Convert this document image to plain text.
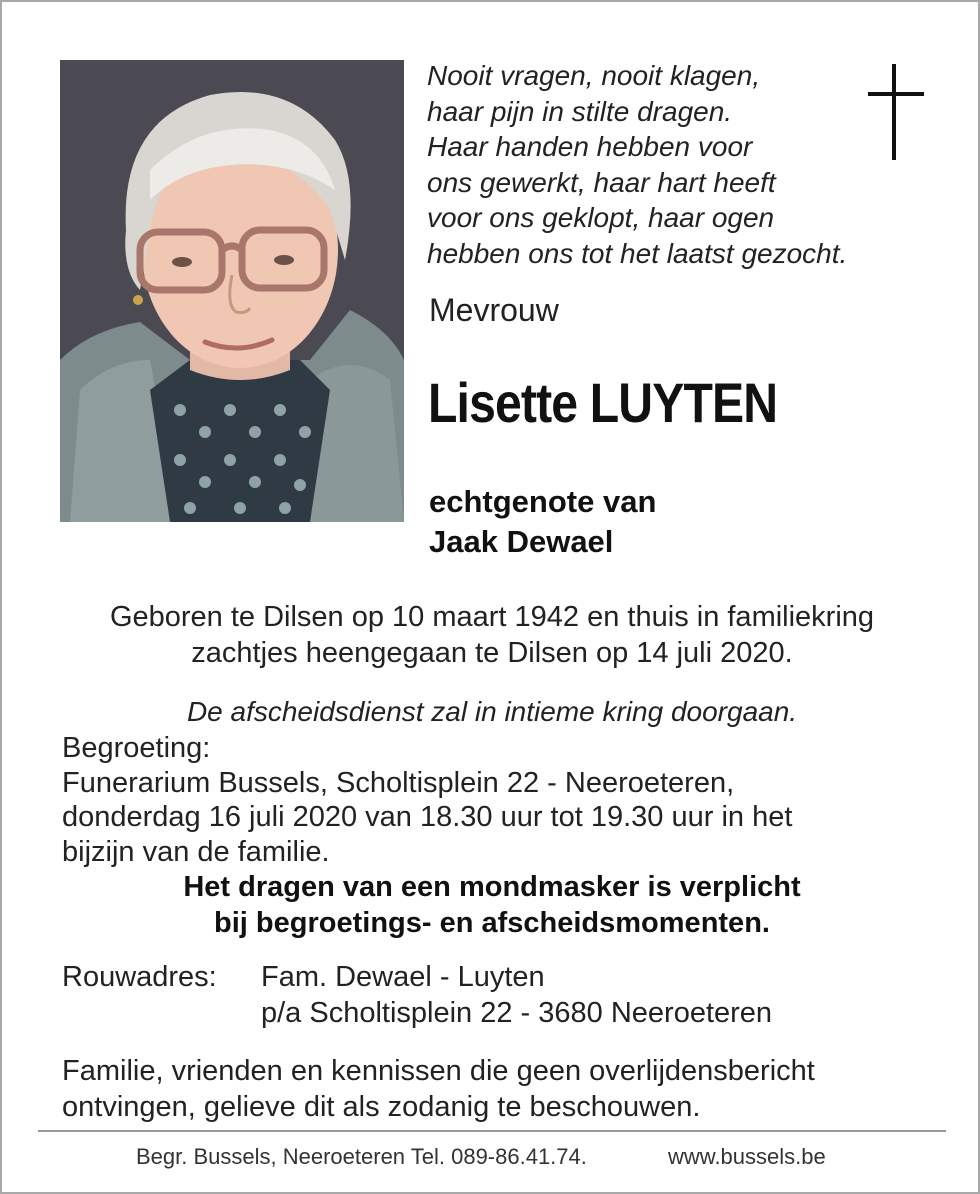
Nooit vragen, nooit klagen,
haar pijn in stilte dragen.
Haar handen hebben voor
ons gewerkt, haar hart heeft
voor ons geklopt, haar ogen
hebben ons tot het laatst gezocht.
Mevrouw
Lisette LUYTEN
echtgenote van
Jaak Dewael
Geboren te Dilsen op 10 maart 1942 en thuis in familiekring
zachtjes heengegaan te Dilsen op 14 juli 2020.
De afscheidsdienst zal in intieme kring doorgaan.
Begroeting:
Funerarium Bussels, Scholtisplein 22 - Neeroeteren,
donderdag 16 juli 2020 van 18.30 uur tot 19.30 uur in het
bijzijn van de familie.
Het dragen van een mondmasker is verplicht
bij begroetings- en afscheidsmomenten.
Rouwadres: Fam. Dewael - Luyten
p/a Scholtisplein 22 - 3680 Neeroeteren
Familie, vrienden en kennissen die geen overlijdensbericht
ontvingen, gelieve dit als zodanig te beschouwen.
Begr. Bussels, Neeroeteren Tel. 089-86.41.74.	www.bussels.be
